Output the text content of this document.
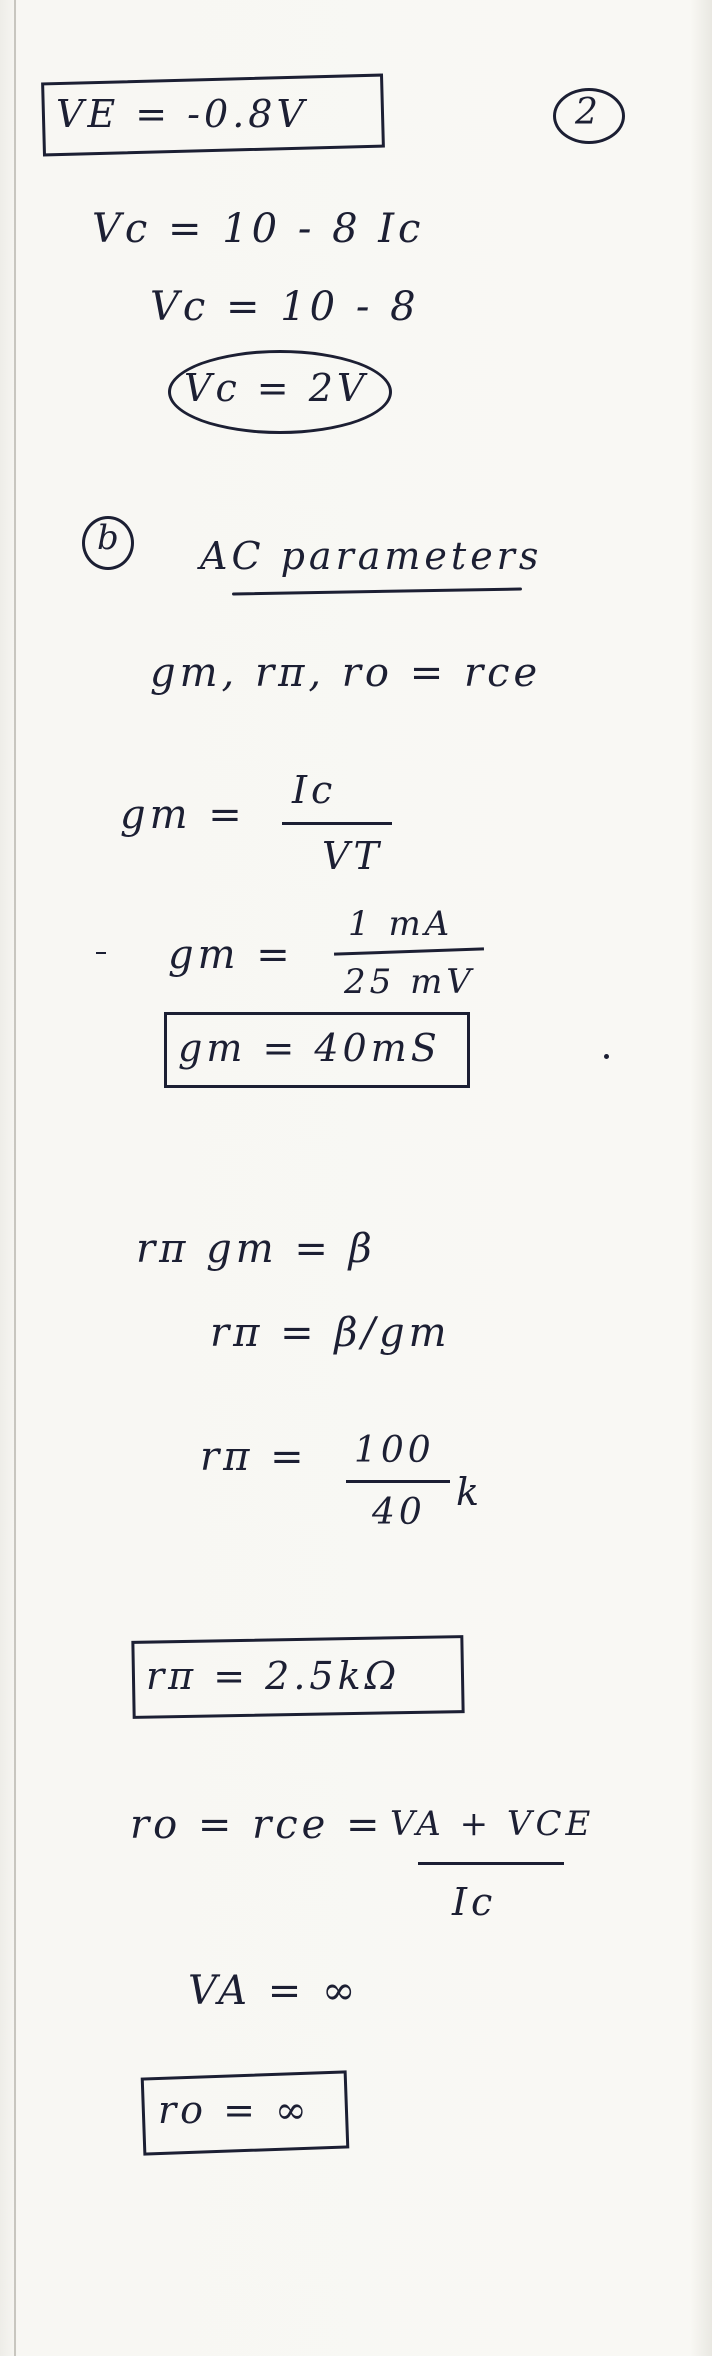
2
VE = -0.8V
Vc = 10 - 8 Ic
Vc = 10 - 8
Vc = 2V
b AC parameters
gm, rπ, ro = rce
gm =
Ic
VT
gm =
1 mA
25 mV
gm = 40mS
rπ gm = β
rπ = β/gm
rπ = 100
40 k
rπ = 2.5kΩ
ro = rce = VA + VCE
Ic
VA = ∞
ro = ∞
